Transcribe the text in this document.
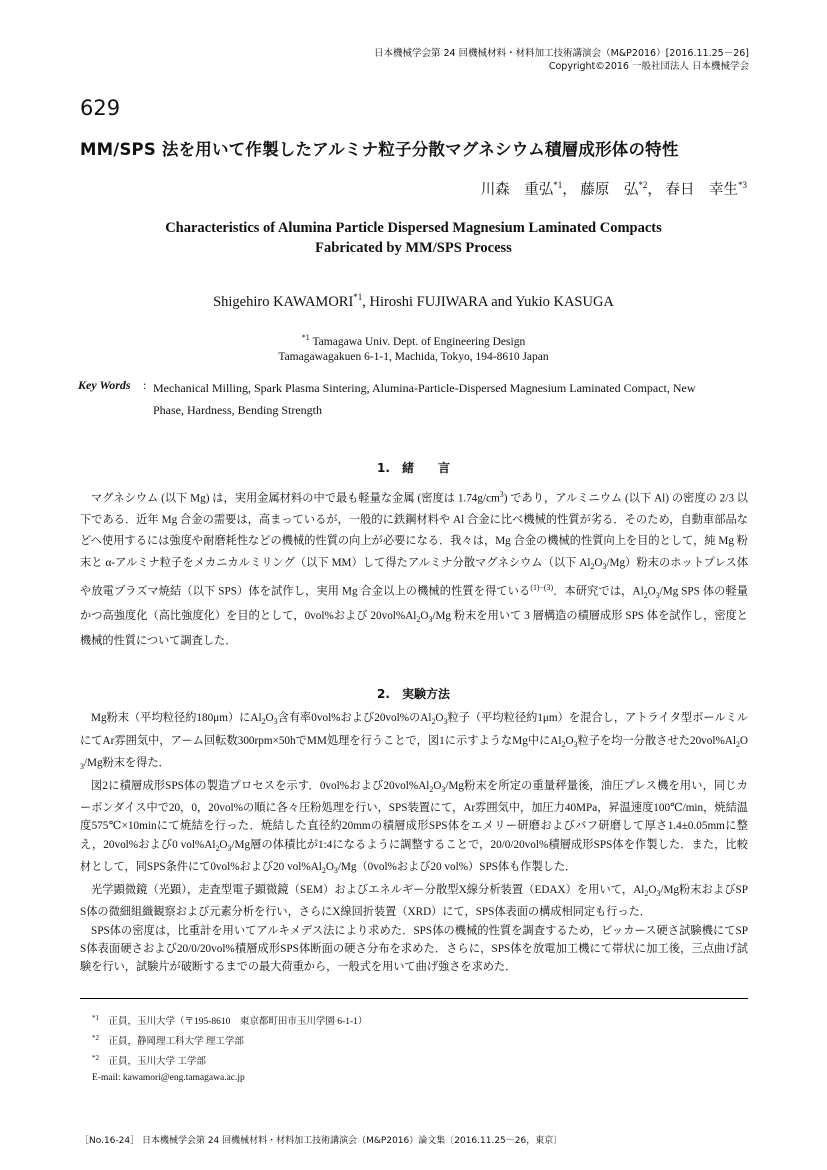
日本機械学会第 24 回機械材料・材料加工技術講演会（M&P2016）[2016.11.25－26]
Copyright©2016 一般社団法人 日本機械学会
629
MM/SPS 法を用いて作製したアルミナ粒子分散マグネシウム積層成形体の特性
川森　重弘$^{*1}$， 藤原　弘$^{*2}$， 春日　幸生$^{*3}$
Characteristics of Alumina Particle Dispersed Magnesium Laminated Compacts
Fabricated by MM/SPS Process
Shigehiro KAWAMORI$^{*1}$, Hiroshi FUJIWARA and Yukio KASUGA
$^{*1}$ Tamagawa Univ. Dept. of Engineering Design
Tamagawagakuen 6-1-1, Machida, Tokyo, 194-8610 Japan
Key Words : Mechanical Milling, Spark Plasma Sintering, Alumina-Particle-Dispersed Magnesium Laminated Compact, New Phase, Hardness, Bending Strength
1.　緒　　言

マグネシウム (以下 Mg) は，実用金属材料の中で最も軽量な金属 (密度は $1.74g/cm^3$) であり，アルミニウム (以下 Al) の密度の 2/3 以下である．近年 Mg 合金の需要は，高まっているが，一般的に鉄鋼材料や Al 合金に比べ機械的性質が劣る．そのため，自動車部品などへ使用するには強度や耐磨耗性などの機械的性質の向上が必要になる．我々は，Mg 合金の機械的性質向上を目的として，純 Mg 粉末と α-アルミナ粒子をメカニカルミリング（以下 MM）して得たアルミナ分散マグネシウム（以下 $Al_2O_3/Mg$）粉末のホットプレス体や放電プラズマ焼結（以下 SPS）体を試作し，実用 Mg 合金以上の機械的性質を得ている$^{(1)-(3)}$．本研究では，$Al_2O_3/Mg$ SPS 体の軽量かつ高強度化（高比強度化）を目的として，0vol%および $20vol\%Al_2O_3/Mg$ 粉末を用いて 3 層構造の積層成形 SPS 体を試作し，密度と機械的性質について調査した．

2.　実験方法

Mg粉末（平均粒径約180μm）に$Al_2O_3$含有率0vol%および20vol%の$Al_2O_3$粒子（平均粒径約1μm）を混合し，アトライタ型ボールミルにてAr雰囲気中，アーム回転数300rpm×50hでMM処理を行うことで，図1に示すようなMg中に$Al_2O_3$粒子を均一分散させた$20vol\%Al_2O_3/Mg$粉末を得た．

図2に積層成形SPS体の製造プロセスを示す．0vol%および$20vol\%Al_2O_3/Mg$粉末を所定の重量秤量後，油圧プレス機を用い，同じカーボンダイス中で20，0，20vol%の順に各々圧粉処理を行い，SPS装置にて，Ar雰囲気中，加圧力40MPa，昇温速度100℃/min，焼結温度575℃×10minにて焼結を行った．焼結した直径約20mmの積層成形SPS体をエメリー研磨およびバフ研磨して厚さ1.4±0.05mmに整え，20vol%および0 $vol\%Al_2O_3/Mg$層の体積比が1:4になるように調整することで，20/0/20vol%積層成形SPS体を作製した．また，比較材として，同SPS条件にて0vol%および20 $vol\%Al_2O_3/Mg(0vol\%$および20 vol%）SPS体も作製した．

光学顕微鏡（光顕），走査型電子顕微鏡（SEM）およびエネルギー分散型X線分析装置（EDAX）を用いて，$Al_2O_3/Mg$粉末およびSPS体の微細組織観察および元素分析を行い，さらにX線回折装置（XRD）にて，SPS体表面の構成相同定も行った．

SPS体の密度は，比重計を用いてアルキメデス法により求めた．SPS体の機械的性質を調査するため，ビッカース硬さ試験機にてSPS体表面硬さおよび20/0/20vol%積層成形SPS体断面の硬さ分布を求めた．さらに，SPS体を放電加工機にて帯状に加工後，三点曲げ試験を行い，試験片が破断するまでの最大荷重から，一般式を用いて曲げ強さを求めた．

$^{*1}$　 正員，玉川大学（〒195-8610　東京都町田市玉川学園 6-1-1）
$^{*2}$　 正員，静岡理工科大学 理工学部
$^{*2}$　 正員，玉川大学 工学部
E-mail: kawamori@eng.tamagawa.ac.jp
［No.16-24］ 日本機械学会第 24 回機械材料・材料加工技術講演会（M&P2016）論文集〔2016.11.25－26，東京〕
